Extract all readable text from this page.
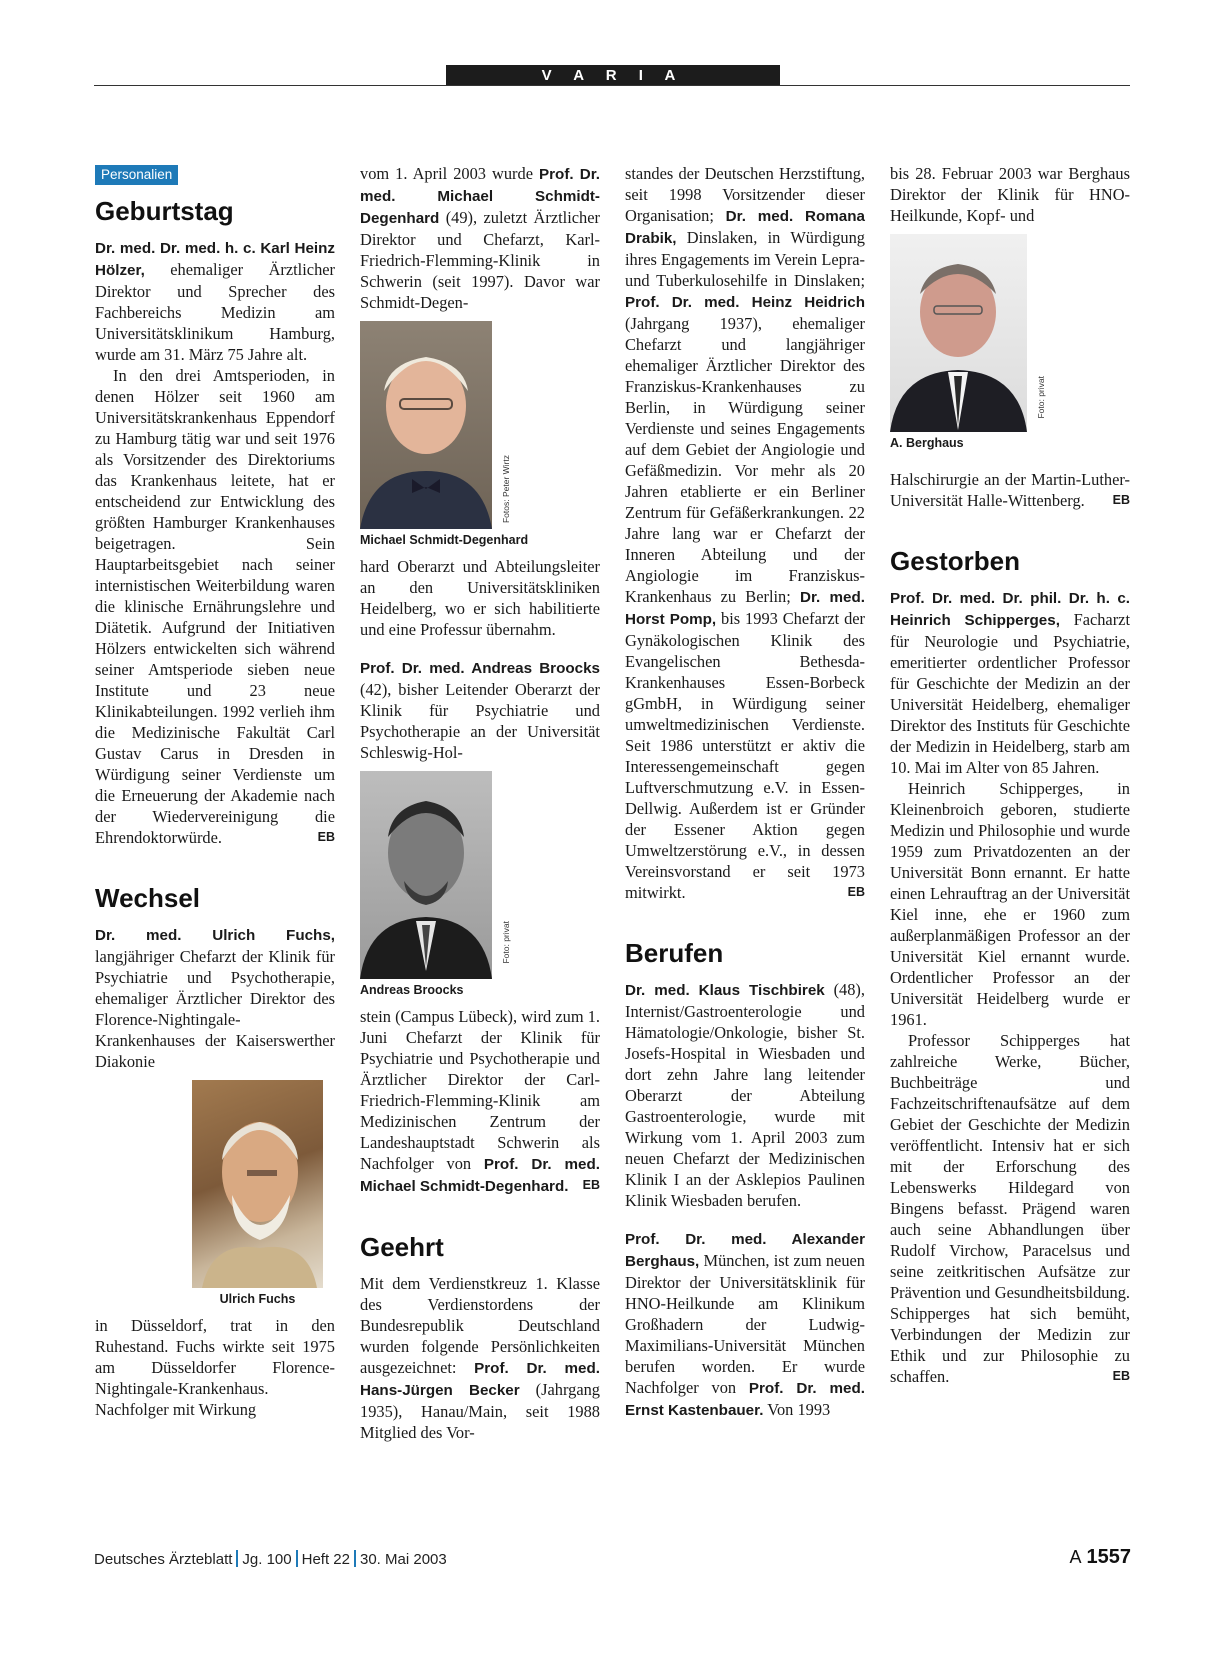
V A R I A
Personalien
Geburtstag

Dr. med. Dr. med. h. c. Karl Heinz Hölzer, ehemaliger Ärztlicher Direktor und Sprecher des Fachbereichs Medizin am Universitätsklinikum Hamburg, wurde am 31. März 75 Jahre alt.

In den drei Amtsperioden, in denen Hölzer seit 1960 am Universitätskrankenhaus Eppendorf zu Hamburg tätig war und seit 1976 als Vorsitzender des Direktoriums das Krankenhaus leitete, hat er entscheidend zur Entwicklung des größten Hamburger Krankenhauses beigetragen. Sein Hauptarbeitsgebiet nach seiner internistischen Weiterbildung waren die klinische Ernährungslehre und Diätetik. Aufgrund der Initiativen Hölzers entwickelten sich während seiner Amtsperiode sieben neue Institute und 23 neue Klinikabteilungen. 1992 verlieh ihm die Medizinische Fakultät Carl Gustav Carus in Dresden in Würdigung seiner Verdienste um die Erneuerung der Akademie nach der Wiedervereinigung die Ehrendoktorwürde.	EB

Wechsel

Dr. med. Ulrich Fuchs, langjähriger Chefarzt der Klinik für Psychiatrie und Psychotherapie, ehemaliger Ärztlicher Direktor des Florence-Nightingale-Krankenhauses der Kaiserswerther Diakonie

Ulrich Fuchs

in Düsseldorf, trat in den Ruhestand. Fuchs wirkte seit 1975 am Düsseldorfer Florence-Nightingale-Krankenhaus. Nachfolger mit Wirkung

vom 1. April 2003 wurde Prof. Dr. med. Michael Schmidt-Degenhard (49), zuletzt Ärztlicher Direktor und Chefarzt, Karl-Friedrich-Flemming-Klinik in Schwerin (seit 1997). Davor war Schmidt-Degen-

Fotos: Peter Wirtz
Michael Schmidt-Degenhard

hard Oberarzt und Abteilungsleiter an den Universitätskliniken Heidelberg, wo er sich habilitierte und eine Professur übernahm.

Prof. Dr. med. Andreas Broocks (42), bisher Leitender Oberarzt der Klinik für Psychiatrie und Psychotherapie an der Universität Schleswig-Hol-

Foto: privat
Andreas Broocks

stein (Campus Lübeck), wird zum 1. Juni Chefarzt der Klinik für Psychiatrie und Psychotherapie und Ärztlicher Direktor der Carl-Friedrich-Flemming-Klinik am Medizinischen Zentrum der Landeshauptstadt Schwerin als Nachfolger von Prof. Dr. med. Michael Schmidt-Degenhard. EB

Geehrt

Mit dem Verdienstkreuz 1. Klasse des Verdienstordens der Bundesrepublik Deutschland wurden folgende Persönlichkeiten ausgezeichnet: Prof. Dr. med. Hans-Jürgen Becker (Jahrgang 1935), Hanau/Main, seit 1988 Mitglied des Vor-

standes der Deutschen Herzstiftung, seit 1998 Vorsitzender dieser Organisation; Dr. med. Romana Drabik, Dinslaken, in Würdigung ihres Engagements im Verein Lepra- und Tuberkulosehilfe in Dinslaken; Prof. Dr. med. Heinz Heidrich (Jahrgang 1937), ehemaliger Chefarzt und langjähriger ehemaliger Ärztlicher Direktor des Franziskus-Krankenhauses zu Berlin, in Würdigung seiner Verdienste und seines Engagements auf dem Gebiet der Angiologie und Gefäßmedizin. Vor mehr als 20 Jahren etablierte er ein Berliner Zentrum für Gefäßerkrankungen. 22 Jahre lang war er Chefarzt der Inneren Abteilung und der Angiologie im Franziskus-Krankenhaus zu Berlin; Dr. med. Horst Pomp, bis 1993 Chefarzt der Gynäkologischen Klinik des Evangelischen Bethesda-Krankenhauses Essen-Borbeck gGmbH, in Würdigung seiner umweltmedizinischen Verdienste. Seit 1986 unterstützt er aktiv die Interessengemeinschaft gegen Luftverschmutzung e.V. in Essen-Dellwig. Außerdem ist er Gründer der Essener Aktion gegen Umweltzerstörung e.V., in dessen Vereinsvorstand er seit 1973 mitwirkt.	EB

Berufen

Dr. med. Klaus Tischbirek (48), Internist/Gastroenterologie und Hämatologie/Onkologie, bisher St. Josefs-Hospital in Wiesbaden und dort zehn Jahre lang leitender Oberarzt der Abteilung Gastroenterologie, wurde mit Wirkung vom 1. April 2003 zum neuen Chefarzt der Medizinischen Klinik I an der Asklepios Paulinen Klinik Wiesbaden berufen.

Prof. Dr. med. Alexander Berghaus, München, ist zum neuen Direktor der Universitätsklinik für HNO-Heilkunde am Klinikum Großhadern der Ludwig-Maximilians-Universität München berufen worden. Er wurde Nachfolger von Prof. Dr. med. Ernst Kastenbauer. Von 1993

bis 28. Februar 2003 war Berghaus Direktor der Klinik für HNO-Heilkunde, Kopf- und

Foto: privat
A. Berghaus

Halschirurgie an der Martin-Luther-Universität Halle-Wittenberg. EB

Gestorben

Prof. Dr. med. Dr. phil. Dr. h. c. Heinrich Schipperges, Facharzt für Neurologie und Psychiatrie, emeritierter ordentlicher Professor für Geschichte der Medizin an der Universität Heidelberg, ehemaliger Direktor des Instituts für Geschichte der Medizin in Heidelberg, starb am 10. Mai im Alter von 85 Jahren.

Heinrich Schipperges, in Kleinenbroich geboren, studierte Medizin und Philosophie und wurde 1959 zum Privatdozenten an der Universität Bonn ernannt. Er hatte einen Lehrauftrag an der Universität Kiel inne, ehe er 1960 zum außerplanmäßigen Professor an der Universität Kiel ernannt wurde. Ordentlicher Professor an der Universität Heidelberg wurde er 1961.

Professor Schipperges hat zahlreiche Werke, Bücher, Buchbeiträge und Fachzeitschriftenaufsätze auf dem Gebiet der Geschichte der Medizin veröffentlicht. Intensiv hat er sich mit der Erforschung des Lebenswerks Hildegard von Bingens befasst. Prägend waren auch seine Abhandlungen über Rudolf Virchow, Paracelsus und seine zeitkritischen Aufsätze zur Prävention und Gesundheitsbildung. Schipperges hat sich bemüht, Verbindungen der Medizin zur Ethik und zur Philosophie zu schaffen.	EB

Deutsches Ärzteblatt Jg. 100 Heft 22 30. Mai 2003	A 1557
